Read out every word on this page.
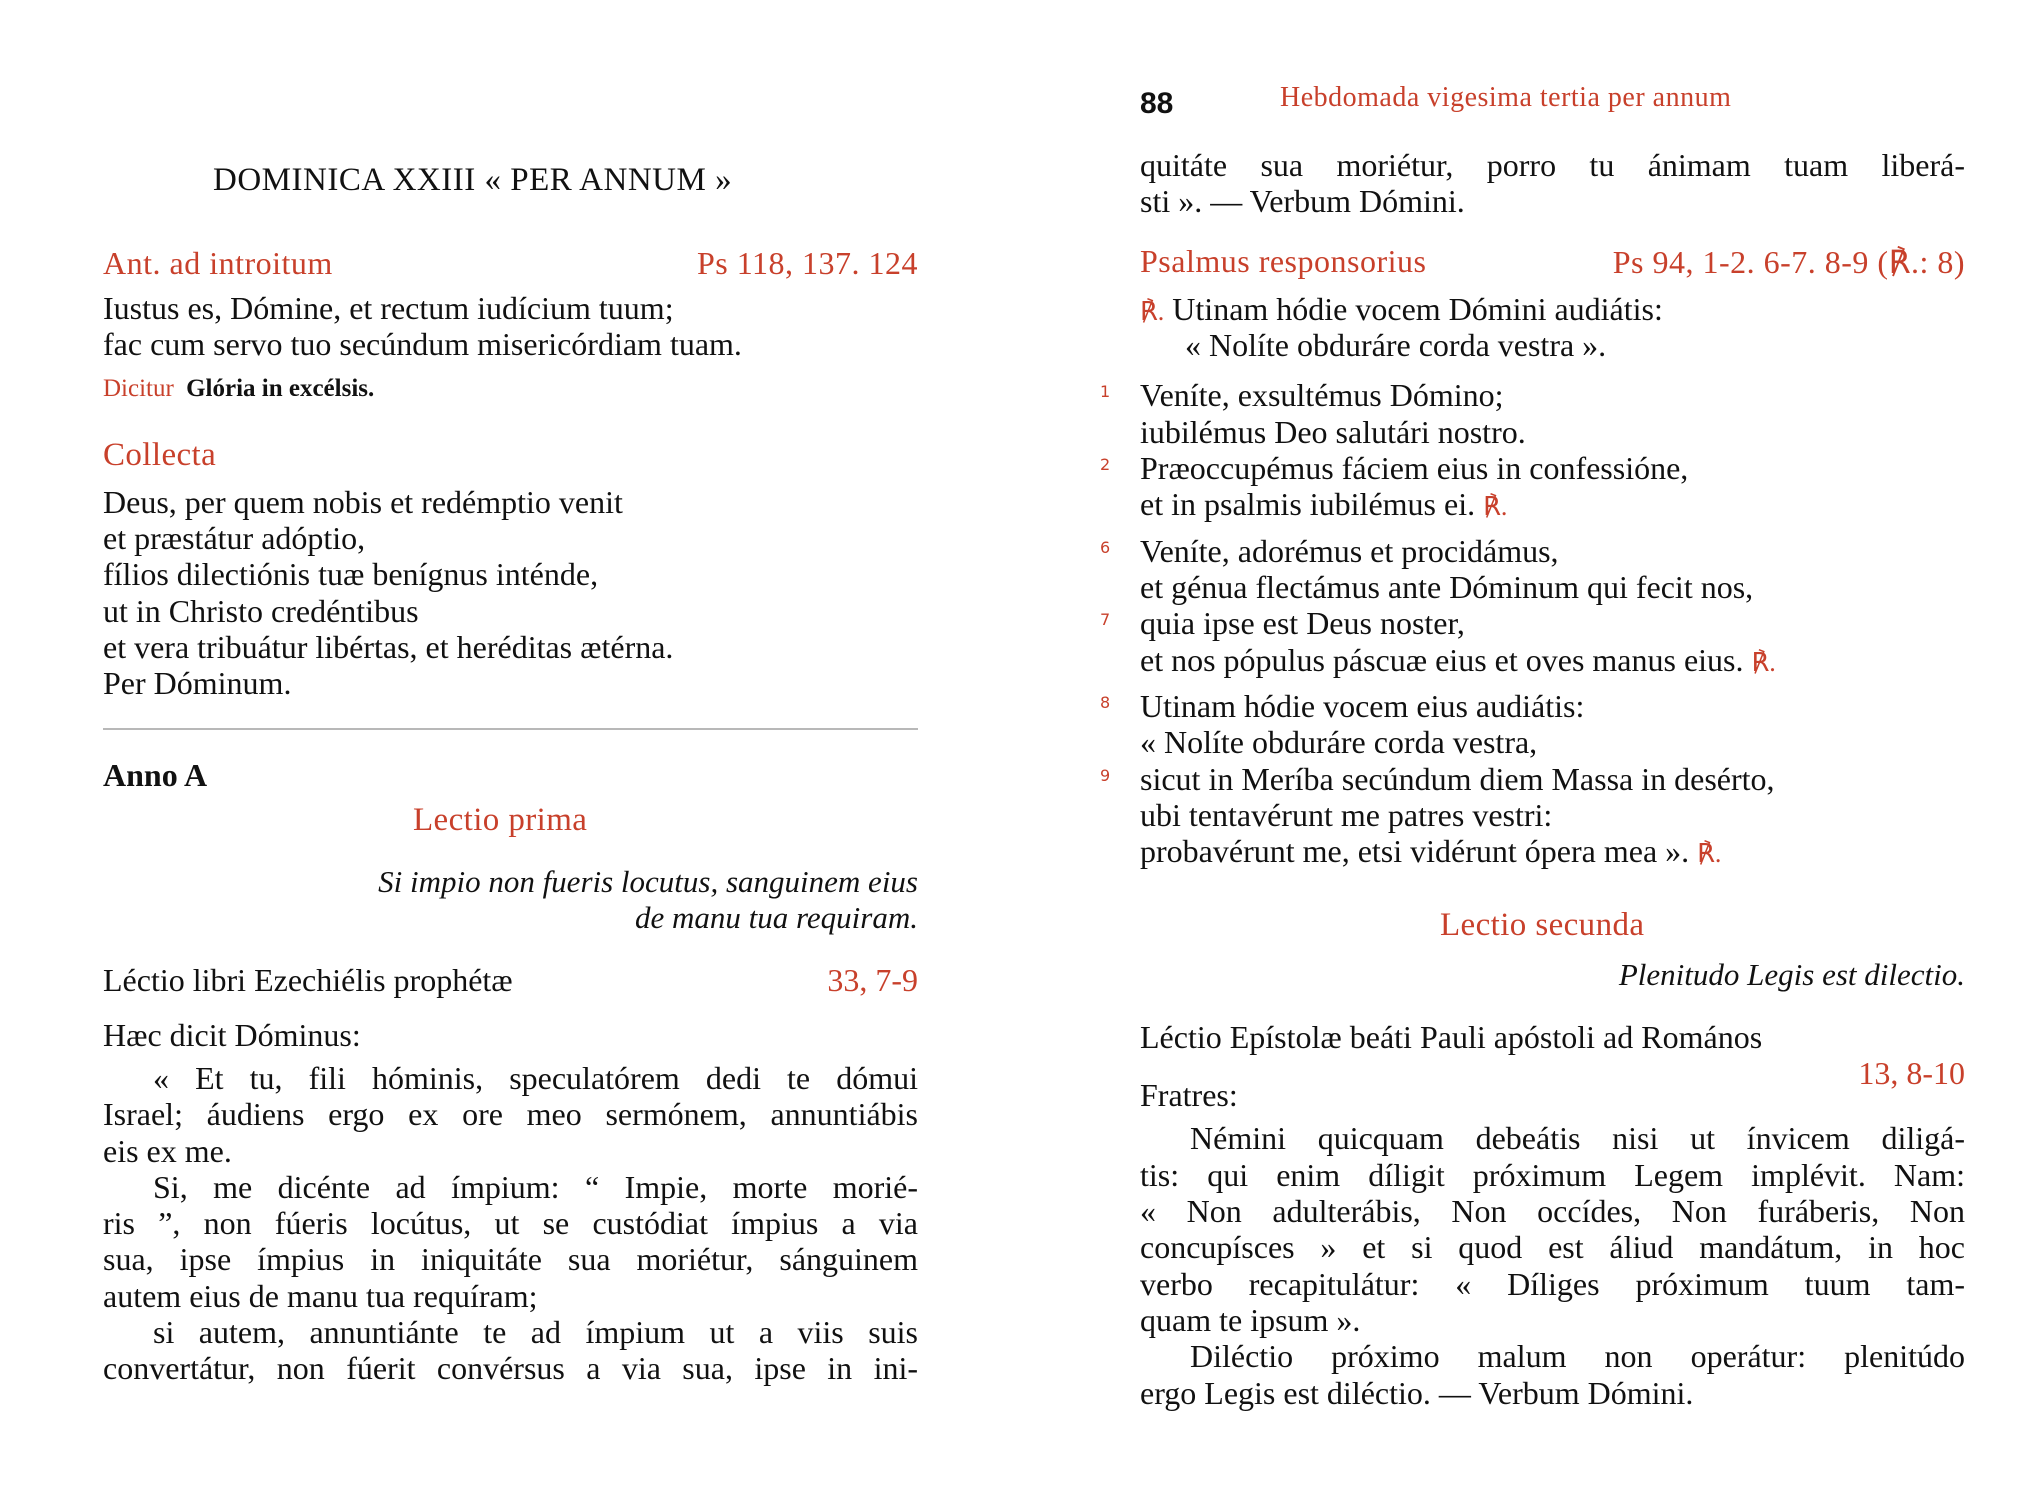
DOMINICA XXIII « PER ANNUM »
Ant. ad introitum	Ps 118, 137. 124
Iustus es, Dómine, et rectum iudícium tuum;
fac cum servo tuo secúndum misericórdiam tuam.
Dicitur Glória in excélsis.
Collecta
Deus, per quem nobis et redémptio venit
et præstátur adóptio,
fílios dilectiónis tuæ benígnus inténde,
ut in Christo credéntibus
et vera tribuátur libértas, et heréditas ætérna.
Per Dóminum.
Anno A
Lectio prima
Si impio non fueris locutus, sanguinem eius
de manu tua requiram.
Léctio libri Ezechiélis prophétæ	33, 7-9
Hæc dicit Dóminus:
« Et tu, fili hóminis, speculatórem dedi te dómui
Israel; áudiens ergo ex ore meo sermónem, annuntiábis
eis ex me.
Si, me dicénte ad ímpium: “ Impie, morte morié-
ris ”, non fúeris locútus, ut se custódiat ímpius a via
sua, ipse ímpius in iniquitáte sua moriétur, sánguinem
autem eius de manu tua requíram;
si autem, annuntiánte te ad ímpium ut a viis suis
convertátur, non fúerit convérsus a via sua, ipse in ini-
88	Hebdomada vigesima tertia per annum
quitáte sua moriétur, porro tu ánimam tuam liberá-
sti ». — Verbum Dómini.
Psalmus responsorius	Ps 94, 1-2. 6-7. 8-9 (℟.: 8)
℟. Utinam hódie vocem Dómini audiátis:
« Nolíte obduráre corda vestra ».
1 Veníte, exsultémus Dómino;
iubilémus Deo salutári nostro.
2 Præoccupémus fáciem eius in confessióne,
et in psalmis iubilémus ei. ℟.
6 Veníte, adorémus et procidámus,
et génua flectámus ante Dóminum qui fecit nos,
7 quia ipse est Deus noster,
et nos pópulus páscuæ eius et oves manus eius. ℟.
8 Utinam hódie vocem eius audiátis:
« Nolíte obduráre corda vestra,
9 sicut in Meríba secúndum diem Massa in desérto,
ubi tentavérunt me patres vestri:
probavérunt me, etsi vidérunt ópera mea ». ℟.
Lectio secunda
Plenitudo Legis est dilectio.
Léctio Epístolæ beáti Pauli apóstoli ad Romános
13, 8-10
Fratres:
Némini quicquam debeátis nisi ut ínvicem diligá-
tis: qui enim díligit próximum Legem implévit. Nam:
« Non adulterábis, Non occídes, Non furáberis, Non
concupísces » et si quod est áliud mandátum, in hoc
verbo recapitulátur: « Díliges próximum tuum tam-
quam te ipsum ».
Diléctio próximo malum non operátur: plenitúdo
ergo Legis est diléctio. — Verbum Dómini.
